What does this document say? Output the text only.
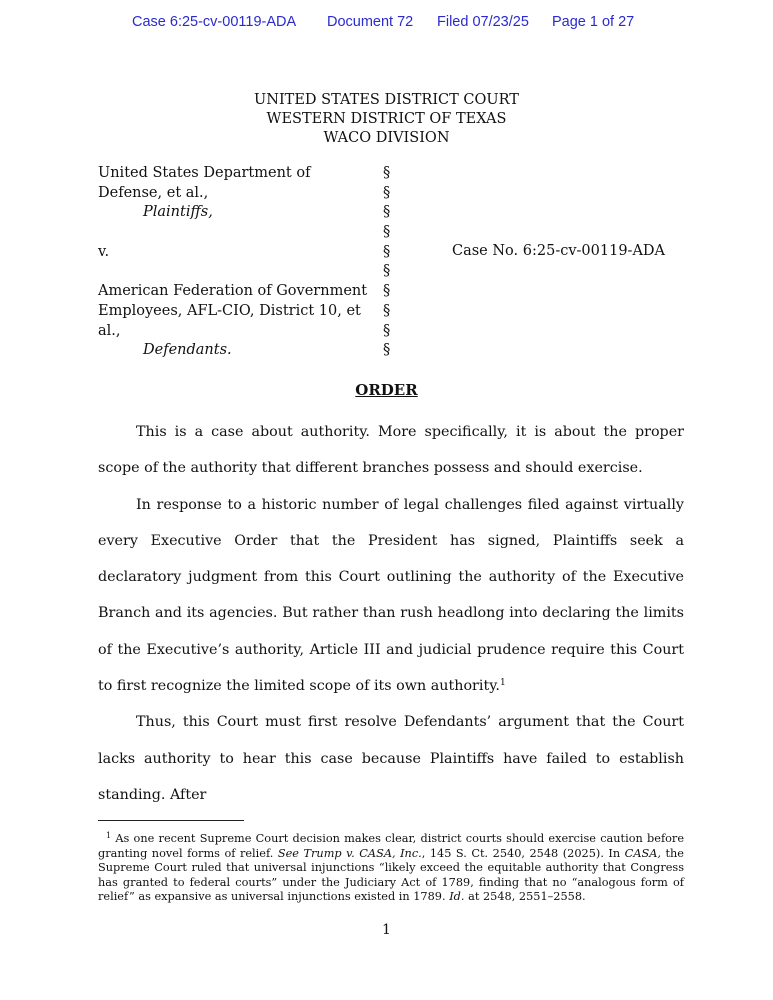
Case 6:25-cv-00119-ADA Document 72 Filed 07/23/25 Page 1 of 27
UNITED STATES DISTRICT COURT
WESTERN DISTRICT OF TEXAS
WACO DIVISION
United States Department of
Defense, et al.,
Plaintiffs,
v.
American Federation of Government
Employees, AFL-CIO, District 10, et
al.,
Defendants.
§
§
§
§
§
§
§
§
§
§
Case No. 6:25-cv-00119-ADA
ORDER

This is a case about authority. More specifically, it is about the proper scope of the authority that different branches possess and should exercise.

In response to a historic number of legal challenges filed against virtually every Executive Order that the President has signed, Plaintiffs seek a declaratory judgment from this Court outlining the authority of the Executive Branch and its agencies. But rather than rush headlong into declaring the limits of the Executive’s authority, Article III and judicial prudence require this Court to first recognize the limited scope of its own authority.$^1$

Thus, this Court must first resolve Defendants’ argument that the Court lacks authority to hear this case because Plaintiffs have failed to establish standing. After

$^1$ As one recent Supreme Court decision makes clear, district courts should exercise caution before granting novel forms of relief. See Trump v. CASA, Inc., 145 S. Ct. 2540, 2548 (2025). In CASA, the Supreme Court ruled that universal injunctions “likely exceed the equitable authority that Congress has granted to federal courts” under the Judiciary Act of 1789, finding that no “analogous form of relief” as expansive as universal injunctions existed in 1789. Id. at 2548, 2551–2558.

1
